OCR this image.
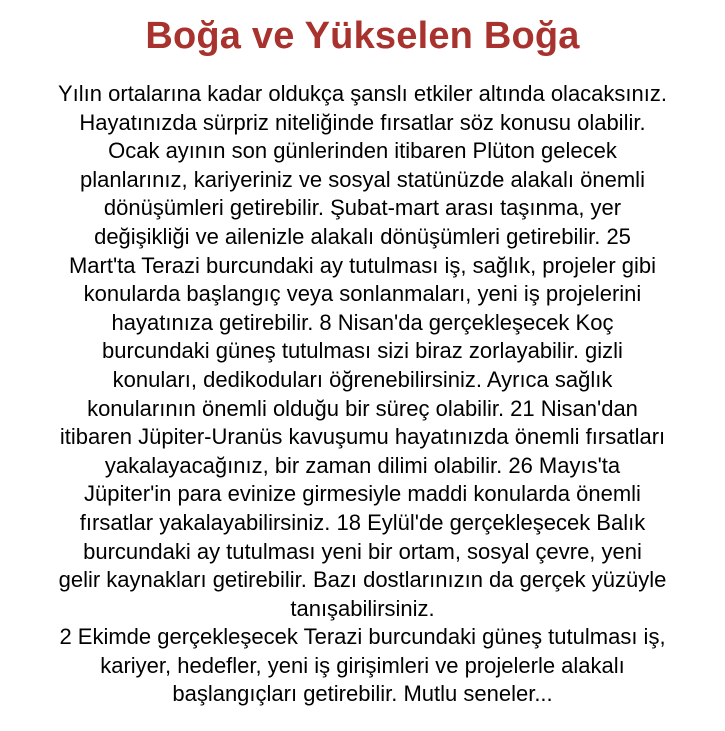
Boğa ve Yükselen Boğa
Yılın ortalarına kadar oldukça şanslı etkiler altında olacaksınız.
Hayatınızda sürpriz niteliğinde fırsatlar söz konusu olabilir.
Ocak ayının son günlerinden itibaren Plüton gelecek
planlarınız, kariyeriniz ve sosyal statünüzde alakalı önemli
dönüşümleri getirebilir. Şubat-mart arası taşınma, yer
değişikliği ve ailenizle alakalı dönüşümleri getirebilir. 25
Mart'ta Terazi burcundaki ay tutulması iş, sağlık, projeler gibi
konularda başlangıç veya sonlanmaları, yeni iş projelerini
hayatınıza getirebilir. 8 Nisan'da gerçekleşecek Koç
burcundaki güneş tutulması sizi biraz zorlayabilir. gizli
konuları, dedikoduları öğrenebilirsiniz. Ayrıca sağlık
konularının önemli olduğu bir süreç olabilir. 21 Nisan'dan
itibaren Jüpiter-Uranüs kavuşumu hayatınızda önemli fırsatları
yakalayacağınız, bir zaman dilimi olabilir. 26 Mayıs'ta
Jüpiter'in para evinize girmesiyle maddi konularda önemli
fırsatlar yakalayabilirsiniz. 18 Eylül'de gerçekleşecek Balık
burcundaki ay tutulması yeni bir ortam, sosyal çevre, yeni
gelir kaynakları getirebilir. Bazı dostlarınızın da gerçek yüzüyle
tanışabilirsiniz.
2 Ekimde gerçekleşecek Terazi burcundaki güneş tutulması iş,
kariyer, hedefler, yeni iş girişimleri ve projelerle alakalı
başlangıçları getirebilir. Mutlu seneler...
